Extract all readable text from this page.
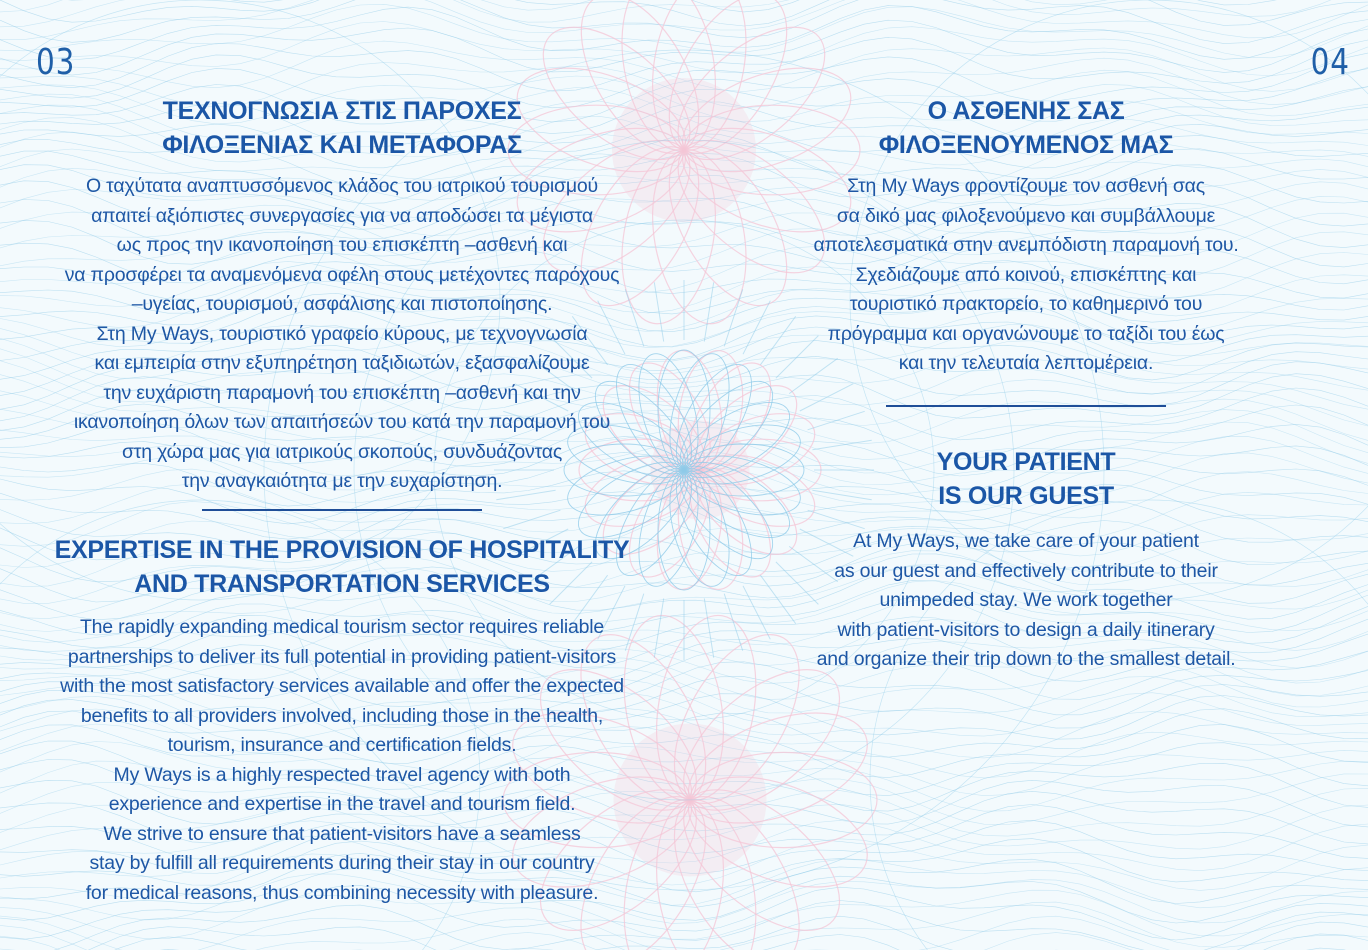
03
ΤΕΧΝΟΓΝΩΣΙΑ ΣΤΙΣ ΠΑΡΟΧΕΣ
ΦΙΛΟΞΕΝΙΑΣ ΚΑΙ ΜΕΤΑΦΟΡΑΣ

Ο ταχύτατα αναπτυσσόμενος κλάδος του ιατρικού τουρισμού
απαιτεί αξιόπιστες συνεργασίες για να αποδώσει τα μέγιστα
ως προς την ικανοποίηση του επισκέπτη –ασθενή και
να προσφέρει τα αναμενόμενα οφέλη στους μετέχοντες παρόχους
–υγείας, τουρισμού, ασφάλισης και πιστοποίησης.
Στη My Ways, τουριστικό γραφείο κύρους, με τεχνογνωσία
και εμπειρία στην εξυπηρέτηση ταξιδιωτών, εξασφαλίζουμε
την ευχάριστη παραμονή του επισκέπτη –ασθενή και την
ικανοποίηση όλων των απαιτήσεών του κατά την παραμονή του
στη χώρα μας για ιατρικούς σκοπούς, συνδυάζοντας
την αναγκαιότητα με την ευχαρίστηση.

EXPERTISE IN THE PROVISION OF HOSPITALITY
AND TRANSPORTATION SERVICES

The rapidly expanding medical tourism sector requires reliable
partnerships to deliver its full potential in providing patient-visitors
with the most satisfactory services available and offer the expected
benefits to all providers involved, including those in the health,
tourism, insurance and certification fields.
My Ways is a highly respected travel agency with both
experience and expertise in the travel and tourism field.
We strive to ensure that patient-visitors have a seamless
stay by fulfill all requirements during their stay in our country
for medical reasons, thus combining necessity with pleasure.

04
Ο ΑΣΘΕΝΗΣ ΣΑΣ
ΦΙΛΟΞΕΝΟΥΜΕΝΟΣ ΜΑΣ

Στη My Ways φροντίζουμε τον ασθενή σας
σα δικό μας φιλοξενούμενο και συμβάλλουμε
αποτελεσματικά στην ανεμπόδιστη παραμονή του.
Σχεδιάζουμε από κοινού, επισκέπτης και
τουριστικό πρακτορείο, το καθημερινό του
πρόγραμμα και οργανώνουμε το ταξίδι του έως
και την τελευταία λεπτομέρεια.

YOUR PATIENT
IS OUR GUEST

At My Ways, we take care of your patient
as our guest and effectively contribute to their
unimpeded stay. We work together
with patient-visitors to design a daily itinerary
and organize their trip down to the smallest detail.
